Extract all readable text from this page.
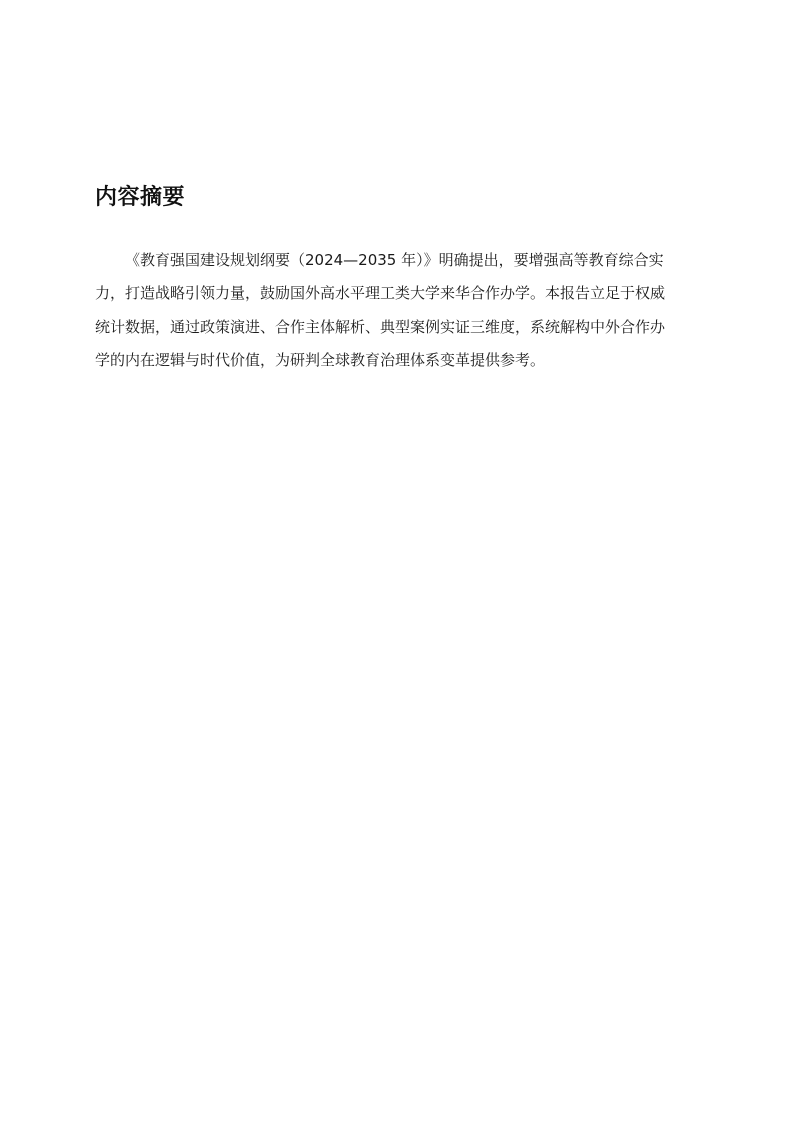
内容摘要

《教育强国建设规划纲要（2024—2035 年）》明确提出，要增强高等教育综合实
力，打造战略引领力量，鼓励国外高水平理工类大学来华合作办学。本报告立足于权威
统计数据，通过政策演进、合作主体解析、典型案例实证三维度，系统解构中外合作办
学的内在逻辑与时代价值，为研判全球教育治理体系变革提供参考。
